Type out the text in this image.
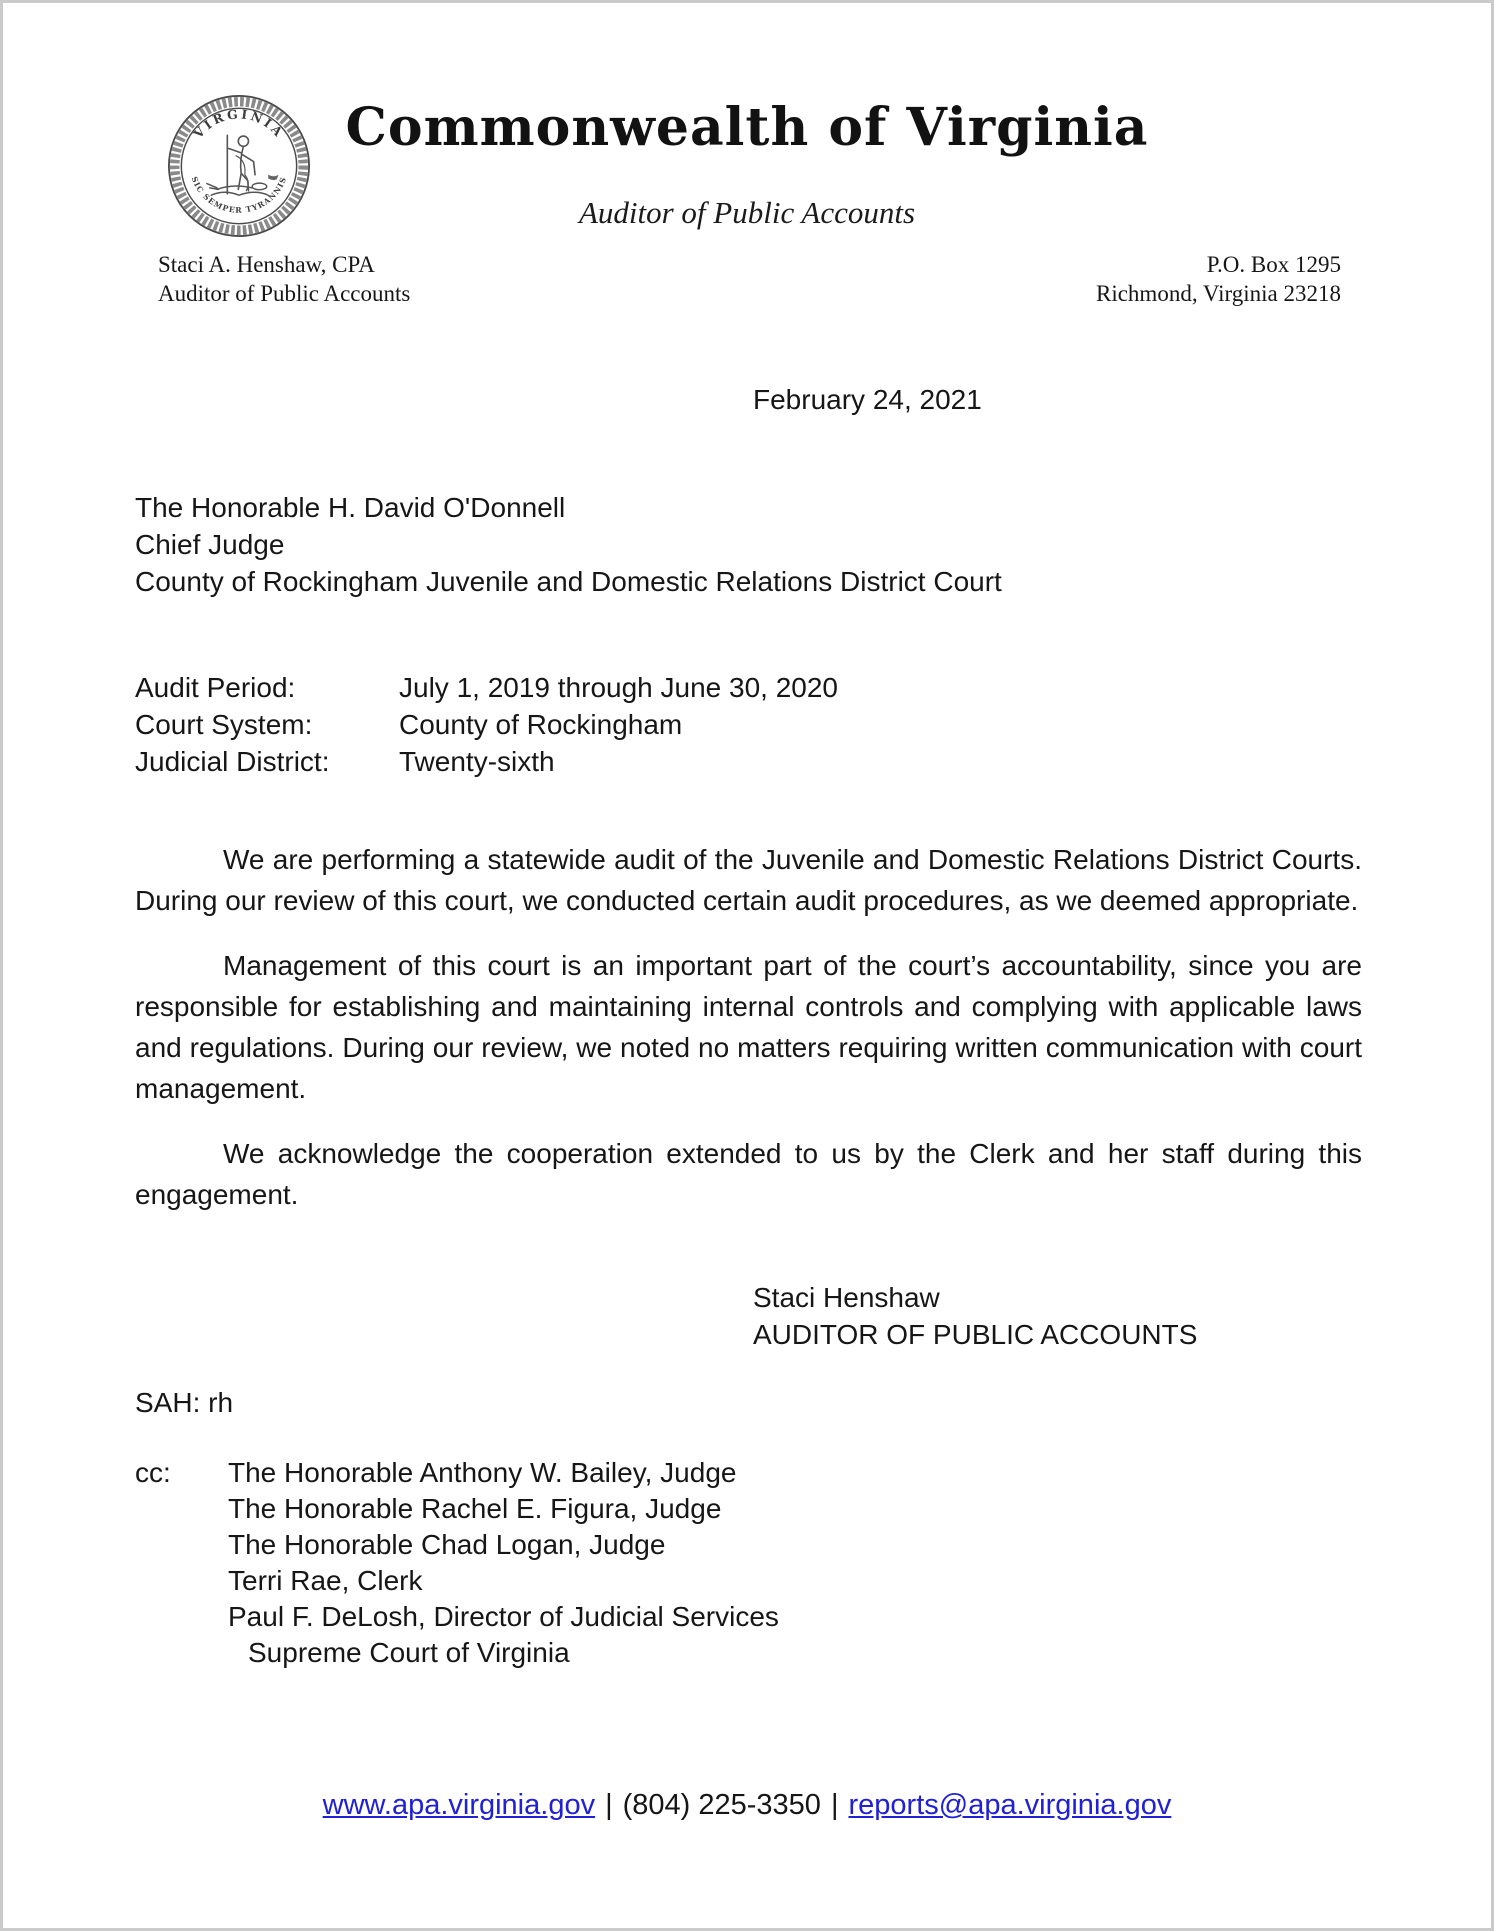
VIRGINIA
SIC SEMPER TYRANNIS
Commonwealth of Virginia
Auditor of Public Accounts
Staci A. Henshaw, CPA
Auditor of Public Accounts
P.O. Box 1295
Richmond, Virginia 23218
February 24, 2021
The Honorable H. David O'Donnell
Chief Judge
County of Rockingham Juvenile and Domestic Relations District Court
Audit Period:	July 1, 2019 through June 30, 2020
Court System:	County of Rockingham
Judicial District:	Twenty-sixth

We are performing a statewide audit of the Juvenile and Domestic Relations District Courts. During our review of this court, we conducted certain audit procedures, as we deemed appropriate.

Management of this court is an important part of the court’s accountability, since you are responsible for establishing and maintaining internal controls and complying with applicable laws and regulations. During our review, we noted no matters requiring written communication with court management.

We acknowledge the cooperation extended to us by the Clerk and her staff during this engagement.

Staci Henshaw
AUDITOR OF PUBLIC ACCOUNTS
SAH: rh
cc:	The Honorable Anthony W. Bailey, Judge
The Honorable Rachel E. Figura, Judge
The Honorable Chad Logan, Judge
Terri Rae, Clerk
Paul F. DeLosh, Director of Judicial Services
Supreme Court of Virginia
www.apa.virginia.gov | (804) 225-3350 | reports@apa.virginia.gov
